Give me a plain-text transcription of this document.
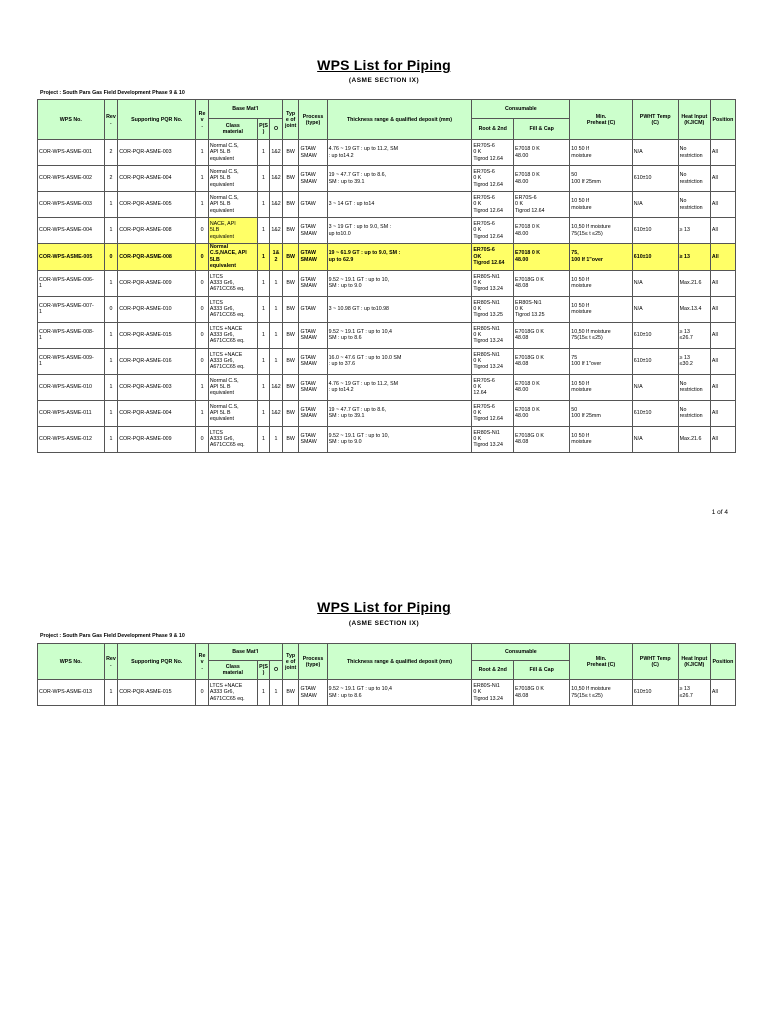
WPS List for Piping
(ASME SECTION IX)
Project : South Pars Gas Field Development Phase 9 & 10
WPS No.	Rev
.	Supporting PQR No.	Rev
.	Base Mat'l			Typ
e of
joint	Process
(type)	Thickness range & qualified deposit (mm)	Consumable		Min.
Preheat (C)	PWHT Temp
(C)	Heat Input
(KJ/CM)	Position

				Class
material	P(S)	O				Root & 2nd	Fill & Cap				

COR-WPS-ASME-001	2	COR-PQR-ASME-003	1	Normal C.S,
API 5L B
equivalent	1	1&2	BW	GTAW
SMAW	4.76 ~ 19 GT : up to 11.2, SM
: up to14.2	ER70S-6
0 K
Tigrod 12.64	E7018 0 K
48.00	10 50 If
moisture	N/A	No
restriction	All

COR-WPS-ASME-002	2	COR-PQR-ASME-004	1	Normal C.S,
API 5L B
equivalent	1	1&2	BW	GTAW
SMAW	19 ~ 47.7 GT : up to 8.6,
SM : up to 39.1	ER70S-6
0 K
Tigrod 12.64	E7018 0 K
48.00	50
100 If 25mm	610±10	No
restriction	All

COR-WPS-ASME-003	1	COR-PQR-ASME-005	1	Normal C.S,
API 5L B
equivalent	1	1&2	BW	GTAW	3 ~ 14 GT : up to14	ER70S-6
0 K
Tigrod 12.64	ER70S-6
0 K
Tigrod 12.64	10 50 If
moisture	N/A	No
restriction	All

COR-WPS-ASME-004	1	COR-PQR-ASME-008	0	NACE, API
5LB
equivalent	1	1&2	BW	GTAW
SMAW	3 ~ 19 GT : up to 9.0, SM :
up to10.0	ER70S-6
0 K
Tigrod 12.64	E7018 0 K
48.00	10,50 If moisture
75(15≤ t ≤25)	610±10	≥ 13	All

COR-WPS-ASME-005	0	COR-PQR-ASME-008	0	Normal
C.S,NACE, API
5LB
equivalent	1	1&2	BW	GTAW
SMAW	19 ~ 61.9 GT : up to 9.0, SM :
up to 62.9	ER70S-6
OK
Tigrod 12.64	E7018 0 K
48.00	75,
100 If 1"over	610±10	≥ 13	All

COR-WPS-ASME-006-
1	1	COR-PQR-ASME-009	0	LTCS
A333 Gr6,
A671CC65 eq.	1	1	BW	GTAW
SMAW	9.52 ~ 19.1 GT : up to 10,
SM : up to 9.0	ER80S-Ni1
0 K
Tigrod 13.24	E7018G 0 K
48.08	10 50 If
moisture	N/A	Max.21.6	All

COR-WPS-ASME-007-
1	0	COR-PQR-ASME-010	0	LTCS
A333 Gr6,
A671CC65 eq.	1	1	BW	GTAW	3 ~ 10.98 GT : up to10.98	ER80S-Ni1
0 K
Tigrod 13.25	ER80S-Ni1
0 K
Tigrod 13.25	10 50 If
moisture	N/A	Max.13.4	All

COR-WPS-ASME-008-
1	1	COR-PQR-ASME-015	0	LTCS +NACE
A333 Gr6,
A671CC65 eq.	1	1	BW	GTAW
SMAW	9.52 ~ 19.1 GT : up to 10,4
SM : up to 8.6	ER80S-Ni1
0 K
Tigrod 13.24	E7018G 0 K
48.08	10,50 If moisture
75(15≤ t ≤25)	610±10	≥ 13
≤26.7	All

COR-WPS-ASME-009-
1	1	COR-PQR-ASME-016	0	LTCS +NACE
A333 Gr6,
A671CC65 eq.	1	1	BW	GTAW
SMAW	16.0 ~ 47.6 GT : up to 10.0 SM
: up to 37.6	ER80S-Ni1
0 K
Tigrod 13.24	E7018G 0 K
48.08	75
100 If 1"over	610±10	≥ 13
≤30.2	All

COR-WPS-ASME-010	1	COR-PQR-ASME-003	1	Normal C.S,
API 5L B
equivalent	1	1&2	BW	GTAW
SMAW	4.76 ~ 19 GT : up to 11.2, SM
: up to14.2	ER70S-6
0 K
12.64	E7018 0 K
48.00	10 50 If
moisture	N/A	No
restriction	All

COR-WPS-ASME-011	1	COR-PQR-ASME-004	1	Normal C.S,
API 5L B
equivalent	1	1&2	BW	GTAW
SMAW	19 ~ 47.7 GT : up to 8.6,
SM : up to 39.1	ER70S-6
0 K
Tigrod 12.64	E7018 0 K
48.00	50
100 If 25mm	610±10	No
restriction	All

COR-WPS-ASME-012	1	COR-PQR-ASME-009	0	LTCS
A333 Gr6,
A671CC65 eq.	1	1	BW	GTAW
SMAW	9.52 ~ 19.1 GT : up to 10,
SM : up to 9.0	ER80S-Ni1
0 K
Tigrod 13.24	E7018G 0 K
48.08	10 50 If
moisture	N/A	Max.21.6	All
1 of 4
WPS List for Piping
(ASME SECTION IX)
Project : South Pars Gas Field Development Phase 9 & 10
WPS No.	Rev
.	Supporting PQR No.	Rev
.	Base Mat'l			Typ
e of
joint	Process
(type)	Thickness range & qualified deposit (mm)	Consumable		Min.
Preheat (C)	PWHT Temp
(C)	Heat Input
(KJ/CM)	Position

				Class
material	P(S)	O				Root & 2nd	Fill & Cap				

COR-WPS-ASME-013	1	COR-PQR-ASME-015	0	LTCS +NACE
A333 Gr6,
A671CC65 eq.	1	1	BW	GTAW
SMAW	9.52 ~ 19.1 GT : up to 10,4
SM : up to 8.6	ER80S-Ni1
0 K
Tigrod 13.24	E7018G 0 K
48.08	10,50 If moisture
75(15≤ t ≤25)	610±10	≥ 13
≤26.7	All
